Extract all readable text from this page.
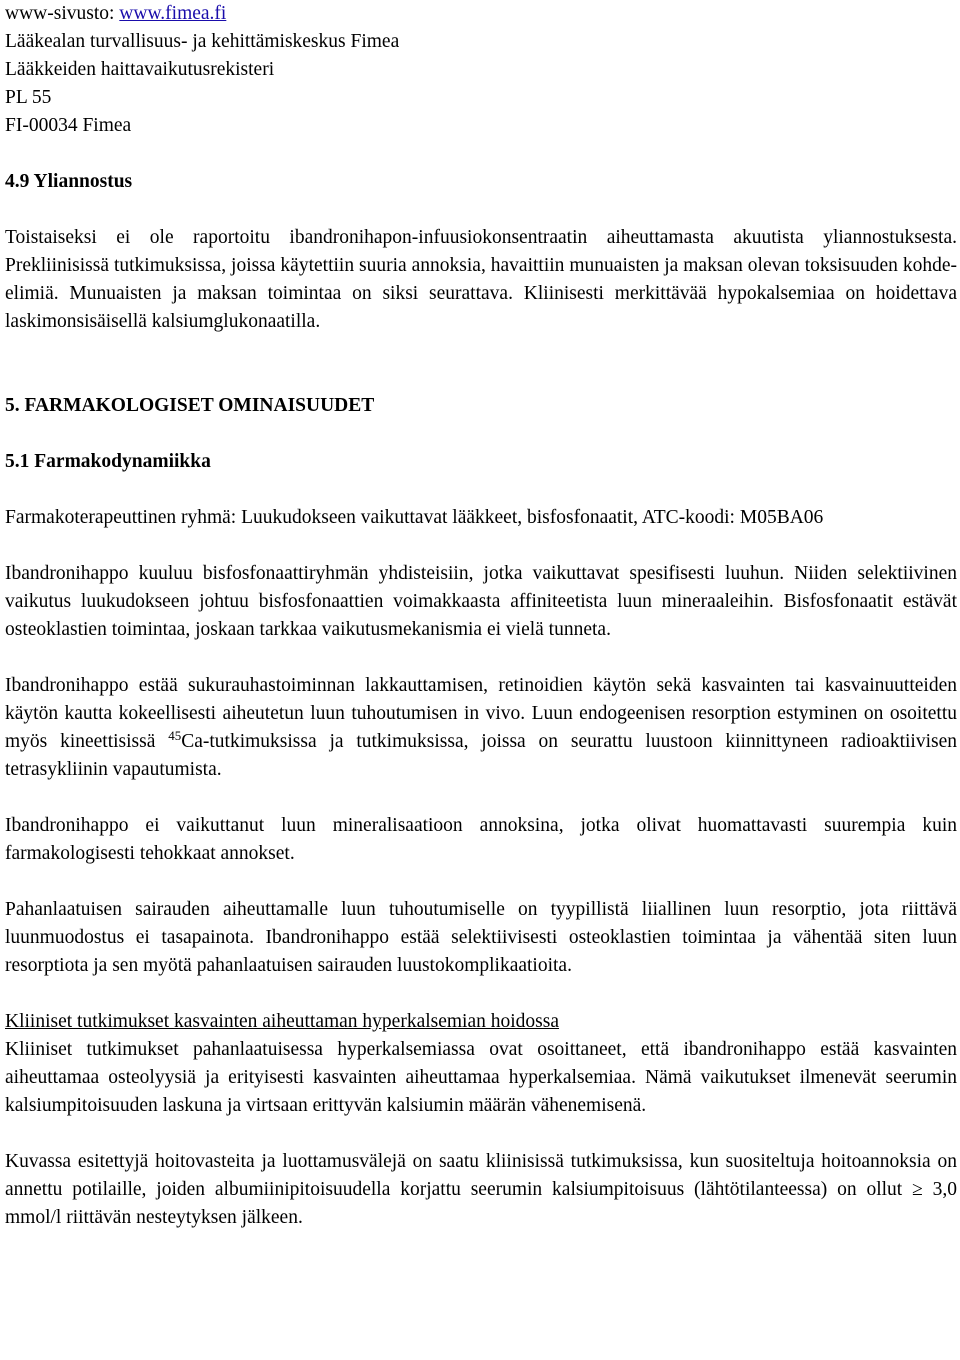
www-sivusto: www.fimea.fi
Lääkealan turvallisuus- ja kehittämiskeskus Fimea
Lääkkeiden haittavaikutusrekisteri
PL 55
FI-00034 Fimea
4.9 Yliannostus

Toistaiseksi ei ole raportoitu ibandronihapon-infuusiokonsentraatin aiheuttamasta akuutista yliannostuksesta. Prekliinisissä tutkimuksissa, joissa käytettiin suuria annoksia, havaittiin munuaisten ja maksan olevan toksisuuden kohde-elimiä. Munuaisten ja maksan toimintaa on siksi seurattava. Kliinisesti merkittävää hypokalsemiaa on hoidettava laskimonsisäisellä kalsiumglukonaatilla.

5. FARMAKOLOGISET OMINAISUUDET
5.1 Farmakodynamiikka

Farmakoterapeuttinen ryhmä: Luukudokseen vaikuttavat lääkkeet, bisfosfonaatit, ATC-koodi: M05BA06

Ibandronihappo kuuluu bisfosfonaattiryhmän yhdisteisiin, jotka vaikuttavat spesifisesti luuhun. Niiden selektiivinen vaikutus luukudokseen johtuu bisfosfonaattien voimakkaasta affiniteetista luun mineraaleihin. Bisfosfonaatit estävät osteoklastien toimintaa, joskaan tarkkaa vaikutusmekanismia ei vielä tunneta.

Ibandronihappo estää sukurauhastoiminnan lakkauttamisen, retinoidien käytön sekä kasvainten tai kasvainuutteiden käytön kautta kokeellisesti aiheutetun luun tuhoutumisen in vivo. Luun endogeenisen resorption estyminen on osoitettu myös kineettisissä $^{45}$Ca-tutkimuksissa ja tutkimuksissa, joissa on seurattu luustoon kiinnittyneen radioaktiivisen tetrasykliinin vapautumista.

Ibandronihappo ei vaikuttanut luun mineralisaatioon annoksina, jotka olivat huomattavasti suurempia kuin farmakologisesti tehokkaat annokset.

Pahanlaatuisen sairauden aiheuttamalle luun tuhoutumiselle on tyypillistä liiallinen luun resorptio, jota riittävä luunmuodostus ei tasapainota. Ibandronihappo estää selektiivisesti osteoklastien toimintaa ja vähentää siten luun resorptiota ja sen myötä pahanlaatuisen sairauden luustokomplikaatioita.

Kliiniset tutkimukset kasvainten aiheuttaman hyperkalsemian hoidossa

Kliiniset tutkimukset pahanlaatuisessa hyperkalsemiassa ovat osoittaneet, että ibandronihappo estää kasvainten aiheuttamaa osteolyysiä ja erityisesti kasvainten aiheuttamaa hyperkalsemiaa. Nämä vaikutukset ilmenevät seerumin kalsiumpitoisuuden laskuna ja virtsaan erittyvän kalsiumin määrän vähenemisenä.

Kuvassa esitettyjä hoitovasteita ja luottamusvälejä on saatu kliinisissä tutkimuksissa, kun suositeltuja hoitoannoksia on annettu potilaille, joiden albumiinipitoisuudella korjattu seerumin kalsiumpitoisuus (lähtötilanteessa) on ollut ≥ 3,0 mmol/l riittävän nesteytyksen jälkeen.
